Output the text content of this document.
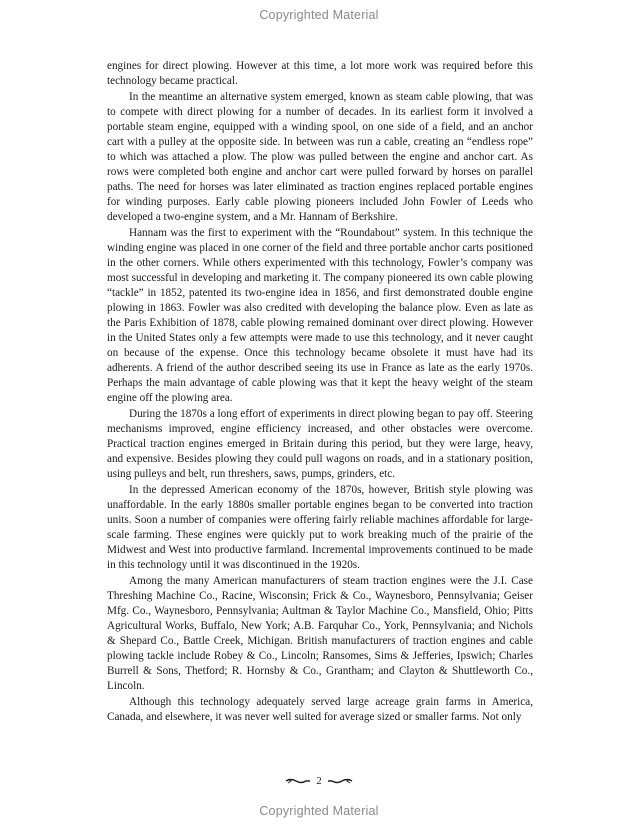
Copyrighted Material

engines for direct plowing. However at this time, a lot more work was required before this technology became practical.

In the meantime an alternative system emerged, known as steam cable plowing, that was to compete with direct plowing for a number of decades. In its earliest form it involved a portable steam engine, equipped with a winding spool, on one side of a field, and an anchor cart with a pulley at the opposite side. In between was run a cable, creating an “endless rope” to which was attached a plow. The plow was pulled between the engine and anchor cart. As rows were completed both engine and anchor cart were pulled forward by horses on parallel paths. The need for horses was later eliminated as traction engines replaced portable engines for winding purposes. Early cable plowing pioneers included John Fowler of Leeds who developed a two-engine system, and a Mr. Hannam of Berkshire.

Hannam was the first to experiment with the “Roundabout” system. In this technique the winding engine was placed in one corner of the field and three portable anchor carts positioned in the other corners. While others experimented with this technology, Fowler’s company was most successful in developing and marketing it. The company pioneered its own cable plowing “tackle” in 1852, patented its two-engine idea in 1856, and first demonstrated double engine plowing in 1863. Fowler was also credited with developing the balance plow. Even as late as the Paris Exhibition of 1878, cable plowing remained dominant over direct plowing. However in the United States only a few attempts were made to use this technology, and it never caught on because of the expense. Once this technology became obsolete it must have had its adherents. A friend of the author described seeing its use in France as late as the early 1970s. Perhaps the main advantage of cable plowing was that it kept the heavy weight of the steam engine off the plowing area.

During the 1870s a long effort of experiments in direct plowing began to pay off. Steering mechanisms improved, engine efficiency increased, and other obstacles were overcome. Practical traction engines emerged in Britain during this period, but they were large, heavy, and expensive. Besides plowing they could pull wagons on roads, and in a stationary position, using pulleys and belt, run threshers, saws, pumps, grinders, etc.

In the depressed American economy of the 1870s, however, British style plowing was unaffordable. In the early 1880s smaller portable engines began to be converted into traction units. Soon a number of companies were offering fairly reliable machines affordable for large-scale farming. These engines were quickly put to work breaking much of the prairie of the Midwest and West into productive farmland. Incremental improvements continued to be made in this technology until it was discontinued in the 1920s.

Among the many American manufacturers of steam traction engines were the J.I. Case Threshing Machine Co., Racine, Wisconsin; Frick & Co., Waynesboro, Pennsylvania; Geiser Mfg. Co., Waynesboro, Pennsylvania; Aultman & Taylor Machine Co., Mansfield, Ohio; Pitts Agricultural Works, Buffalo, New York; A.B. Farquhar Co., York, Pennsylvania; and Nichols & Shepard Co., Battle Creek, Michigan. British manufacturers of traction engines and cable plowing tackle include Robey & Co., Lincoln; Ransomes, Sims & Jefferies, Ipswich; Charles Burrell & Sons, Thetford; R. Hornsby & Co., Grantham; and Clayton & Shuttleworth Co., Lincoln.

Although this technology adequately served large acreage grain farms in America, Canada, and elsewhere, it was never well suited for average sized or smaller farms. Not only

2
Copyrighted Material
